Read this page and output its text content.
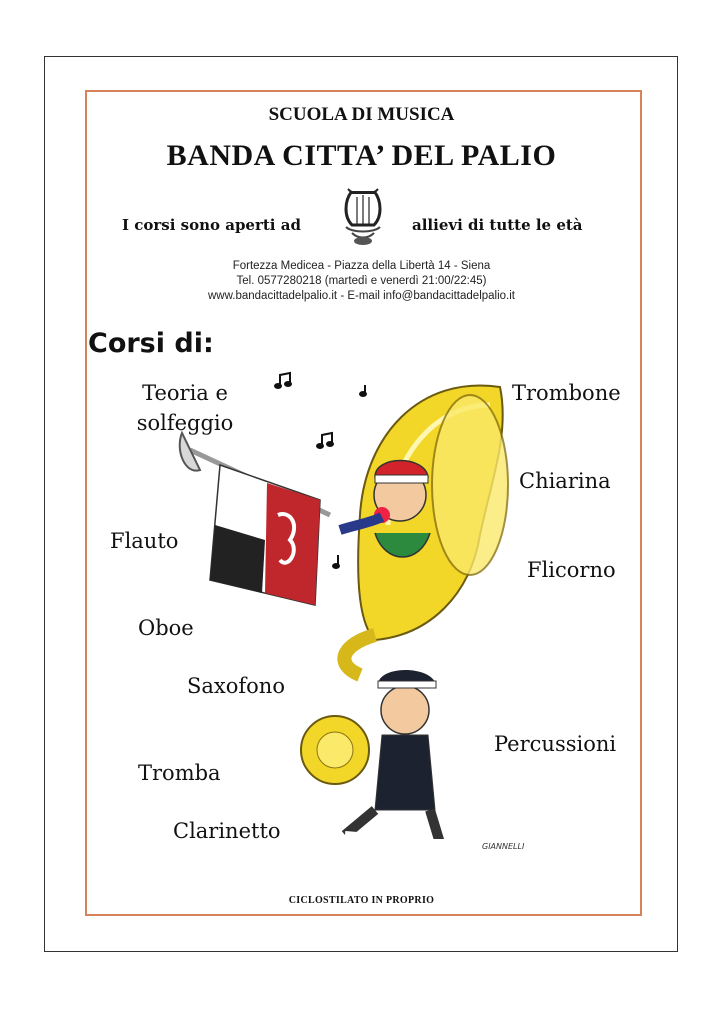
SCUOLA DI MUSICA
BANDA CITTA’ DEL PALIO
I corsi sono aperti ad	allievi di tutte le età
Fortezza Medicea - Piazza della Libertà 14 - Siena
Tel. 0577280218 (martedì e venerdì 21:00/22:45)
www.bandacittadelpalio.it - E-mail info@bandacittadelpalio.it
Corsi di:
Teoria e solfeggio
Trombone
Chiarina
Flauto
Flicorno
Oboe
Saxofono
Percussioni
Tromba
Clarinetto
GIANNELLI
CICLOSTILATO IN PROPRIO
